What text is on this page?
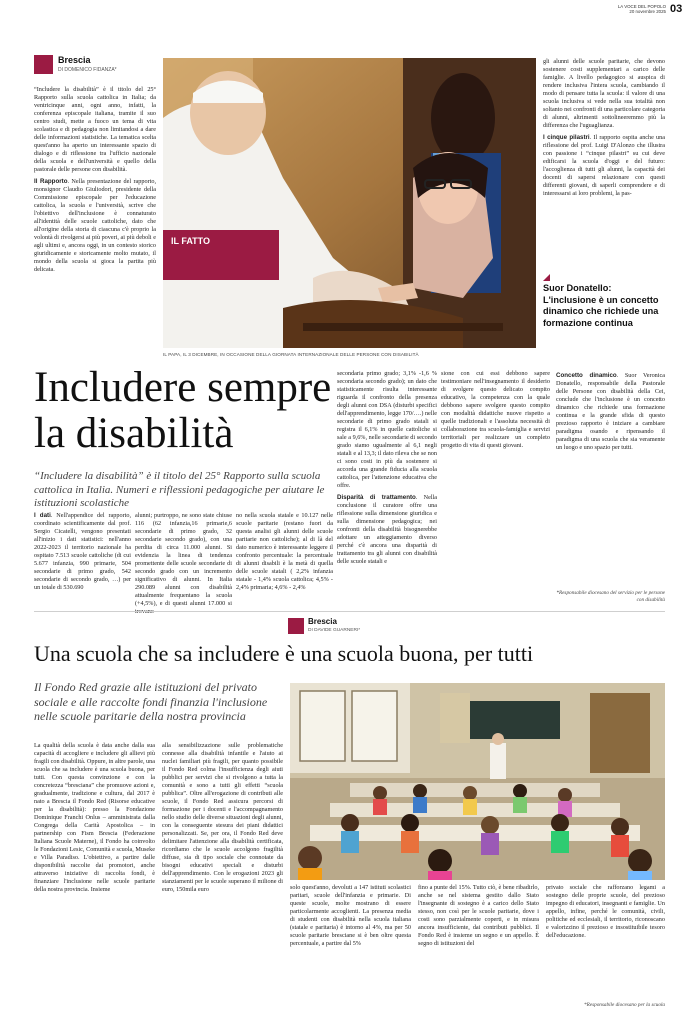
LA VOCE DEL POPOLO
20 novembre 2025 03
Brescia
DI DOMENICO FIDANZA*
“Includere la disabilità” è il titolo del 25° Rapporto sulla scuola cattolica in Italia; da ventricinque anni, ogni anno, infatti, la conferenza episcopale italiana, tramite il suo centro studi, mette a fuoco un tema di vita scolastica e di pedagogia non limitandosi a dare delle informazioni statistiche. La tematica scelta quest'anno ha aperto un interessante spazio di dialogo e di riflessione tra l'ufficio nazionale della scuola e dell'università e quello della pastorale delle persone con disabilità.
Il Rapporto. Nella presentazione del rapporto, monsignor Claudio Giuliodori, presidente della Commissione episcopale per l'educazione cattolica, la scuola e l'università, scrive che l'obiettivo dell'inclusione è connaturato all'identità delle scuole cattoliche, dato che all'origine della storia di ciascuna c'è proprio la volontà di rivolgersi ai più poveri, ai più deboli e agli ultimi e, ancora oggi, in un contesto storico giuridicamente e storicamente molto mutato, il mondo della scuola si gioca la partita più delicata.
IL FATTO
IL PAPA, IL 3 DICEMBRE, IN OCCASIONE DELLA GIORNATA INTERNAZIONALE DELLE PERSONE CON DISABILITÀ
gli alunni delle scuole paritarie, che devono sostenere costi supplementari a carico delle famiglie. A livello pedagogico si auspica di rendere inclusiva l'intera scuola, cambiando il modo di pensare tutta la scuola: il valore di una scuola inclusiva si vede nella sua totalità non soltanto nei confronti di una particolare categoria di alunni, altrimenti sottolineeremmo più la differenza che l'uguaglianza.
I cinque pilastri. Il rapporto ospita anche una riflessione del prof. Luigi D'Alonzo che illustra con passione i “cinque pilastri” su cui deve edificarsi la scuola d'oggi e del futuro: l'accoglienza di tutti gli alunni, la capacità dei docenti di sapersi relazionare con questi differenti giovani, di saperli comprendere e di interessarsi ai loro problemi, la pas-
Suor Donatello: L'inclusione è un concetto dinamico che richiede una formazione continua
Includere sempre
la disabilità
“Includere la disabilità” è il titolo del 25° Rapporto sulla scuola cattolica in Italia. Numeri e riflessioni pedagogiche per aiutare le istituzioni scolastiche
I dati. Nell'appendice del rapporto, coordinato scientificamente dal prof. Sergio Cicatelli, vengono presentati all'inizio i dati statistici: nell'anno 2022-2023 il territorio nazionale ha ospitato 7.513 scuole cattoliche (di cui 5.677 infanzia, 990 primarie, 504 secondarie di primo grado, 542 secondarie di secondo grado, …) per un totale di 530.690
alunni; purtroppo, ne sono state chiuse 116 (62 infanzia,16 primarie,6 secondarie di primo grado, 32 secondarie secondo grado), con una perdita di circa 11.000 alunni. Si evidenzia la linea di tendenza promettente delle scuole secondarie di secondo grado con un incremento significativo di alunni. In Italia 290.089 alunni con disabilità attualmente frequentano la scuola (+4,5%), e di questi alunni 17.000 si
no nella scuola statale e 10.127 nelle scuole paritarie (restano fuori da questa analisi gli alunni delle scuole paritarie non cattoliche); al di là del dato numerico è interessante leggere il confronto percentuale: la percentuale di alunni disabili è la metà di quella delle scuole statali ( 2,2% infanzia statale - 1,4% scuola cattolica; 4,5% - 2,4% primaria; 4,6% - 2,4%
secondaria primo grado; 3,1% -1,6 % secondaria secondo grado); un dato che statisticamente risulta interessante riguarda il confronto della presenza degli alunni con DSA (disturbi specifici dell'apprendimento, legge 170/….) nelle secondarie di primo grado statali si registra il 6,1% in quelle cattoliche si sale a 9,6%, nelle secondarie di secondo grado siamo ugualmente al 6,1 negli statali e al 13,3; il dato rileva che se non ci sono costi in più da sostenere si accorda una grande fiducia alla scuola cattolica, per l'attenzione educativa che offre.
Disparità di trattamento. Nella conclusione il curatore offre una riflessione sulla dimensione giuridica e sulla dimensione pedagogica; nei confronti della disabilità bisognerebbe adottare un atteggiamento diverso perché c'è ancora una disparità di trattamento tra gli alunni con disabilità delle scuole statali e
sione con cui essi debbono sapere testimoniare nell'insegnamento il desiderio di svolgere questo delicato compito educativo, la competenza con la quale debbono sapere svolgere questo compito con modalità didattiche nuove rispetto a quelle tradizionali e l'assoluta necessità di collaborazione tra scuola-famiglia e servizi territoriali per realizzare un completo progetto di vita di questi giovani.
Concetto dinamico. Suor Veronica Donatello, responsabile della Pastorale delle Persone con disabilità della Cei, conclude che l'inclusione è un concetto dinamico che richiede una formazione continua e la grande sfida di questo prezioso rapporto è iniziare a cambiare paradigma osando e ripensando il paradigma di una scuola che sia veramente un luogo e uno spazio per tutti.
*Responsabile diocesano del servizio per le persone con disabilità
Brescia
DI DAVIDE GUARNERI*
Una scuola che sa includere è una scuola buona, per tutti
Il Fondo Red grazie alle istituzioni del privato sociale e alle raccolte fondi finanzia l'inclusione nelle scuole paritarie della nostra provincia
La qualità della scuola è data anche dalla sua capacità di accogliere e includere gli allievi più fragili con disabilità. Oppure, in altre parole, una scuola che sa includere è una scuola buona, per tutti. Con questa convinzione e con la concretezza “bresciana” che promuove azioni e, gradualmente, tradizione e cultura, dal 2017 è nato a Brescia il Fondo Red (Risorse educative per la disabilità): presso la Fondazione Dominique Franchi Onlus – amministrata dalla Congrega della Carità Apostolica – in partnership con Fism Brescia (Federazione Italiana Scuole Materne), il Fondo ha coinvolto le Fondazioni Lesic, Comunità e scuola, Museke e Villa Paradiso. L'obiettivo, a partire dalle disponibilità raccolte dai promotori, anche attraverso iniziative di raccolta fondi, è finanziare l'inclusione nelle scuole paritarie della nostra provincia. Insieme
alla sensibilizzazione sulle problematiche connesse alla disabilità infantile e l'aiuto ai nuclei familiari più fragili, per quanto possibile il Fondo Red colma l'insufficienza degli aiuti pubblici per servizi che si rivolgono a tutta la comunità e sono a tutti gli effetti “scuola pubblica”. Oltre all'erogazione di contributi alle scuole, il Fondo Red assicura percorsi di formazione per i docenti e l'accompagnamento nello studio delle diverse situazioni degli alunni, con la conseguente stesura dei piani didattici personalizzati. Se, per ora, il Fondo Red deve delimitare l'attenzione alla disabilità certificata, ricordiamo che le scuole accolgono fragilità diffuse, sia di tipo sociale che connotate da bisogni educativi speciali e disturbi dell'apprendimento. Con le erogazioni 2023 gli stanziamenti per le scuole superano il milione di euro, 150mila euro	solo quest'anno, devoluti a 147 istituti scolastici paritari, scuole dell'infanzia e primarie. Di queste scuole, molte mostrano di essere particolarmente accoglienti. La presenza media di studenti con disabilità nella scuola italiana (statale e paritaria) è intorno al 4%, ma per 50 scuole paritarie bresciane si è ben oltre questa percentuale, a partire dal 5%
fino a punte del 15%. Tutto ciò, è bene ribadirlo, anche se nel sistema gestito dallo Stato l'insegnante di sostegno è a carico dello Stato stesso, non così per le scuole paritarie, dove i costi sono parzialmente coperti, e in misura ancora insufficiente, dai contributi pubblici. Il Fondo Red è insieme un segno e un appello. È segno di istituzioni del
privato sociale che rafforzano legami a sostegno delle proprie scuole, del prezioso impegno di educatori, insegnanti e famiglie. Un appello, infine, perché le comunità, civili, politiche ed ecclesiali, il territorio, riconoscano e valorizzino il prezioso e insostituibile tesoro dell'educazione.
*Responsabile diocesano per la scuola
